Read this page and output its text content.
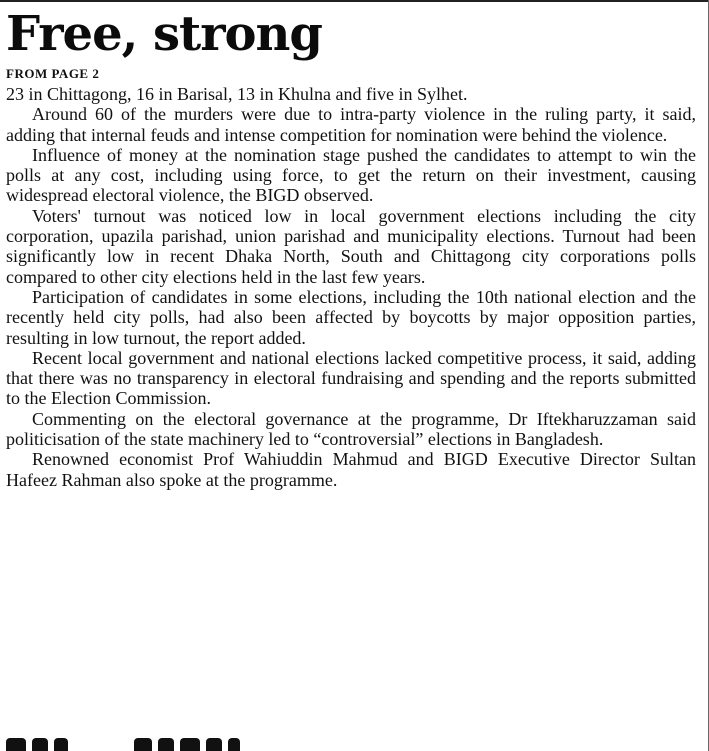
Free, strong
FROM PAGE 2

23 in Chittagong, 16 in Barisal, 13 in Khulna and five in Sylhet.

Around 60 of the murders were due to intra-party violence in the ruling party, it said, adding that internal feuds and intense competition for nomination were behind the violence.

Influence of money at the nomination stage pushed the candidates to attempt to win the polls at any cost, including using force, to get the return on their investment, causing widespread electoral violence, the BIGD observed.

Voters' turnout was noticed low in local government elections including the city corporation, upazila parishad, union parishad and municipality elections. Turnout had been significantly low in recent Dhaka North, South and Chittagong city corporations polls compared to other city elections held in the last few years.

Participation of candidates in some elections, including the 10th national election and the recently held city polls, had also been affected by boycotts by major opposition parties, resulting in low turnout, the report added.

Recent local government and national elections lacked competitive process, it said, adding that there was no transparency in electoral fundraising and spending and the reports submitted to the Election Commission.

Commenting on the electoral governance at the programme, Dr Iftekharuzzaman said politicisation of the state machinery led to “controversial” elections in Bangladesh.

Renowned economist Prof Wahiuddin Mahmud and BIGD Executive Director Sultan Hafeez Rahman also spoke at the programme.
